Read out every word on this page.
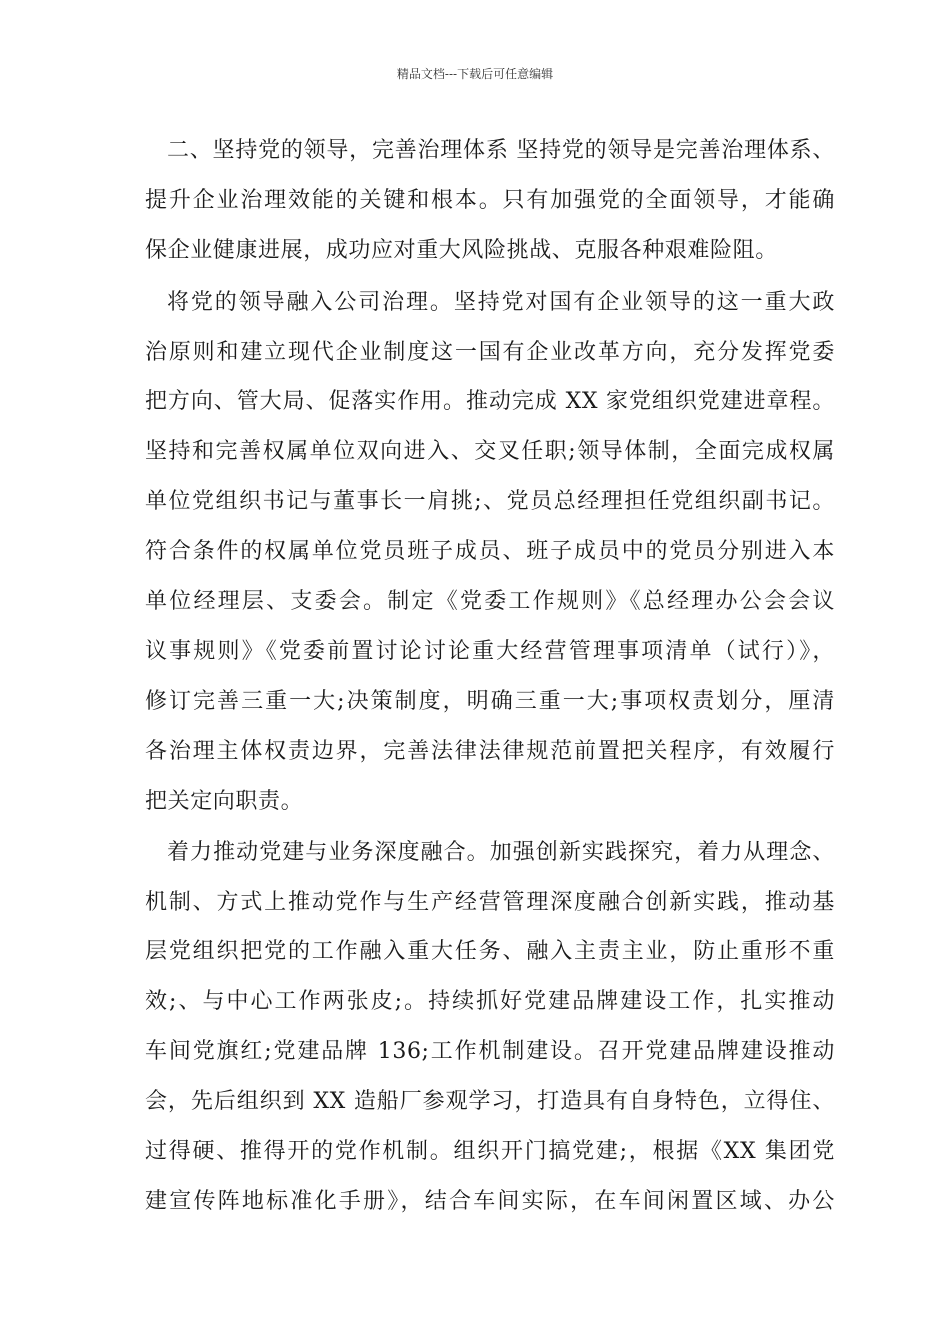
精品文档---下载后可任意编辑
二、坚持党的领导，完善治理体系 坚持党的领导是完善治理体系、
提升企业治理效能的关键和根本。只有加强党的全面领导，才能确
保企业健康进展，成功应对重大风险挑战、克服各种艰难险阻。
将党的领导融入公司治理。坚持党对国有企业领导的这一重大政
治原则和建立现代企业制度这一国有企业改革方向，充分发挥党委
把方向、管大局、促落实作用。推动完成 XX 家党组织党建进章程。
坚持和完善权属单位双向进入、交叉任职;领导体制，全面完成权属
单位党组织书记与董事长一肩挑;、党员总经理担任党组织副书记。
符合条件的权属单位党员班子成员、班子成员中的党员分别进入本
单位经理层、支委会。制定《党委工作规则》《总经理办公会会议
议事规则》《党委前置讨论讨论重大经营管理事项清单（试行）》，
修订完善三重一大;决策制度，明确三重一大;事项权责划分，厘清
各治理主体权责边界，完善法律法律规范前置把关程序，有效履行
把关定向职责。
着力推动党建与业务深度融合。加强创新实践探究，着力从理念、
机制、方式上推动党作与生产经营管理深度融合创新实践，推动基
层党组织把党的工作融入重大任务、融入主责主业，防止重形不重
效;、与中心工作两张皮;。持续抓好党建品牌建设工作，扎实推动
车间党旗红;党建品牌 136;工作机制建设。召开党建品牌建设推动
会，先后组织到 XX 造船厂参观学习，打造具有自身特色，立得住、
过得硬、推得开的党作机制。组织开门搞党建;，根据《XX 集团党
建宣传阵地标准化手册》，结合车间实际，在车间闲置区域、办公
